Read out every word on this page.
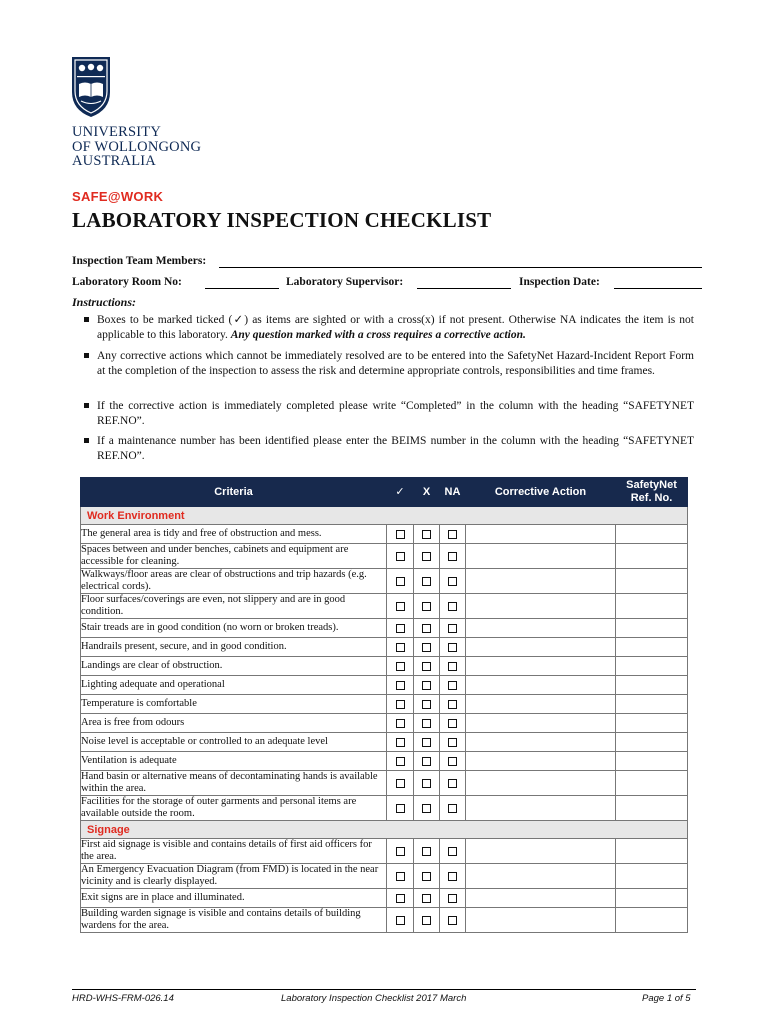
UNIVERSITY
OF WOLLONGONG
AUSTRALIA
SAFE@WORK
LABORATORY INSPECTION CHECKLIST
Inspection Team Members:
Laboratory Room No:	Laboratory Supervisor:	Inspection Date:
Instructions:
Boxes to be marked ticked (✓) as items are sighted or with a cross(x) if not present. Otherwise NA indicates the item is not applicable to this laboratory. Any question marked with a cross requires a corrective action.
Any corrective actions which cannot be immediately resolved are to be entered into the SafetyNet Hazard-Incident Report Form at the completion of the inspection to assess the risk and determine appropriate controls, responsibilities and time frames.
If the corrective action is immediately completed please write “Completed” in the column with the heading “SAFETYNET REF.NO”.
If a maintenance number has been identified please enter the BEIMS number in the column with the heading “SAFETYNET REF.NO”.
Criteria	✓	X	NA	Corrective Action	SafetyNet
Ref. No.

Work Environment					
The general area is tidy and free of obstruction and mess.					
Spaces between and under benches, cabinets and equipment are accessible for cleaning.					
Walkways/floor areas are clear of obstructions and trip hazards (e.g. electrical cords).					
Floor surfaces/coverings are even, not slippery and are in good condition.					
Stair treads are in good condition (no worn or broken treads).					
Handrails present, secure, and in good condition.					
Landings are clear of obstruction.					
Lighting adequate and operational					
Temperature is comfortable					
Area is free from odours					
Noise level is acceptable or controlled to an adequate level					
Ventilation is adequate					
Hand basin or alternative means of decontaminating hands is available within the area.					
Facilities for the storage of outer garments and personal items are available outside the room.					
Signage					
First aid signage is visible and contains details of first aid officers for the area.					
An Emergency Evacuation Diagram (from FMD) is located in the near vicinity and is clearly displayed.					
Exit signs are in place and illuminated.					
Building warden signage is visible and contains details of building wardens for the area.					
HRD-WHS-FRM-026.14	Laboratory Inspection Checklist 2017 March	Page 1 of 5
